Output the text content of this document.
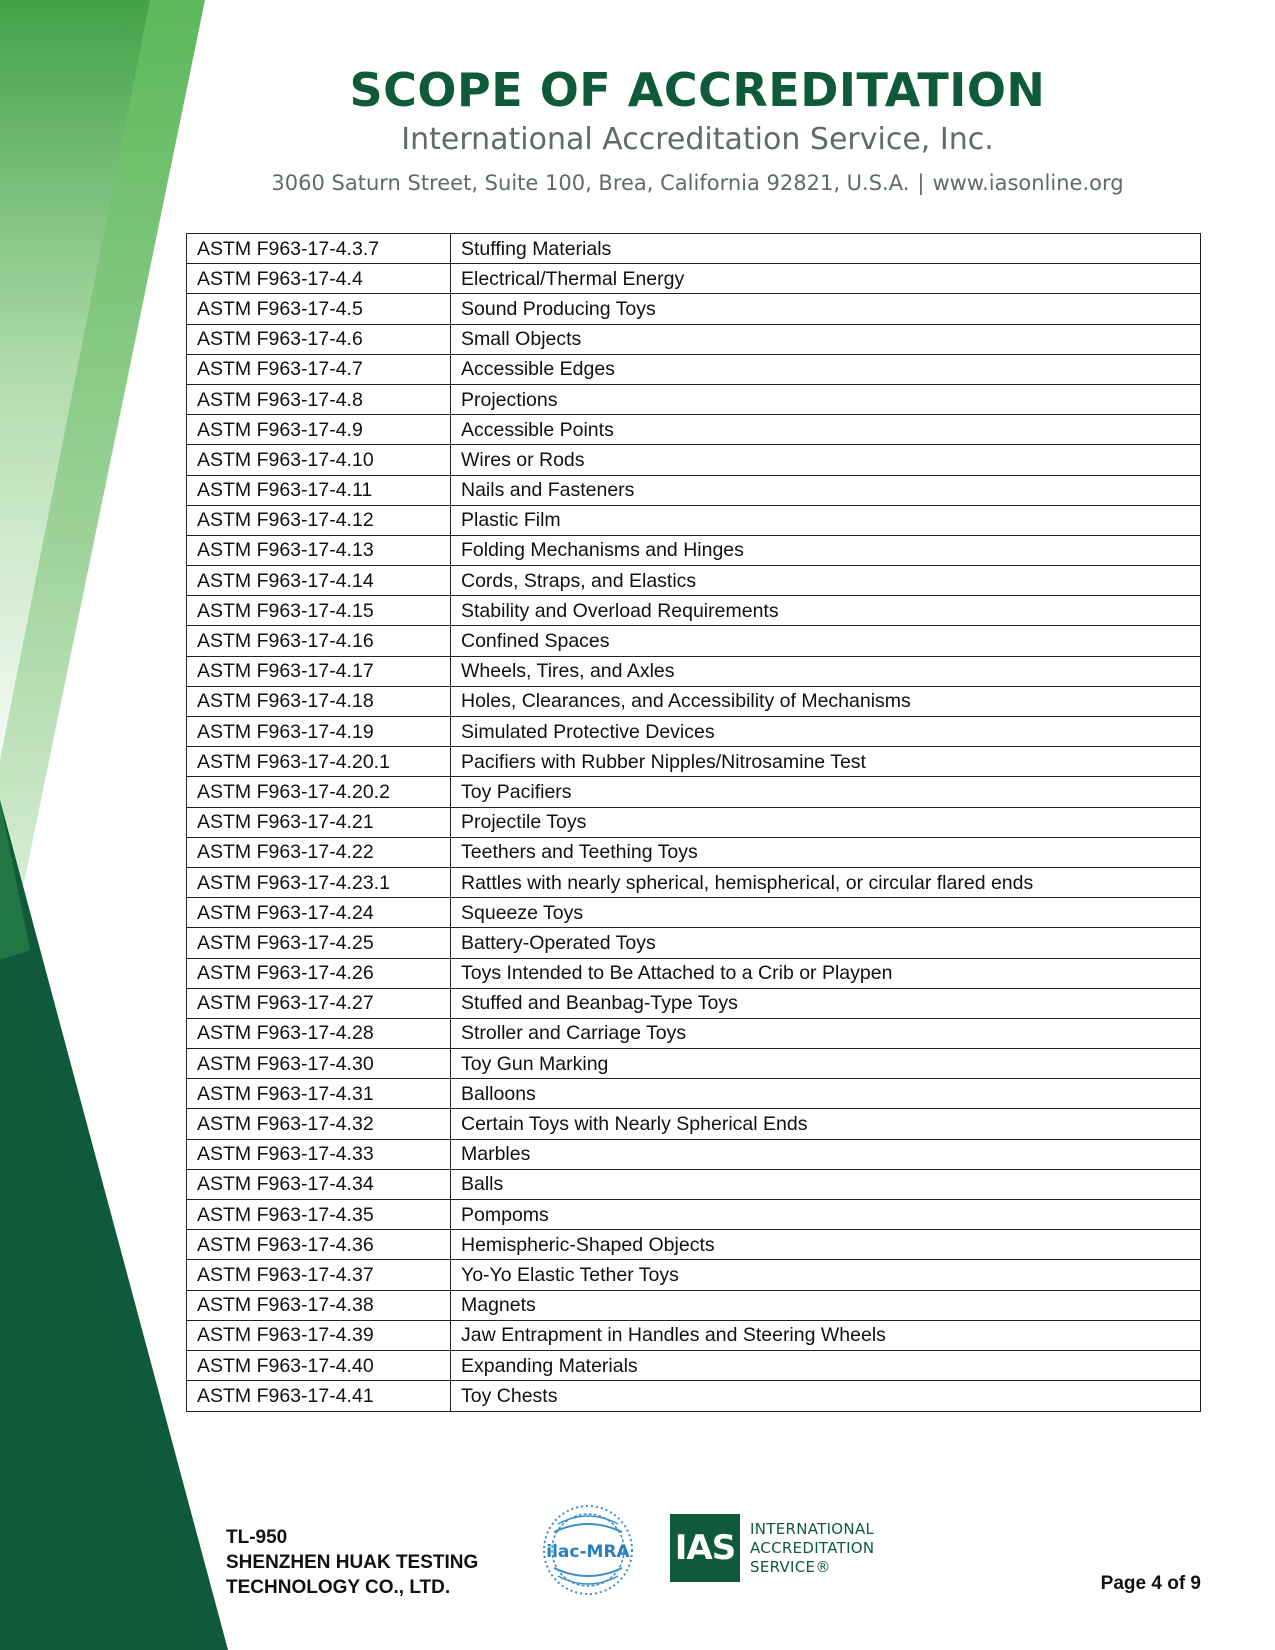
SCOPE OF ACCREDITATION
International Accreditation Service, Inc.
3060 Saturn Street, Suite 100, Brea, California 92821, U.S.A. | www.iasonline.org
ASTM F963-17-4.3.7	Stuffing Materials
ASTM F963-17-4.4	Electrical/Thermal Energy
ASTM F963-17-4.5	Sound Producing Toys
ASTM F963-17-4.6	Small Objects
ASTM F963-17-4.7	Accessible Edges
ASTM F963-17-4.8	Projections
ASTM F963-17-4.9	Accessible Points
ASTM F963-17-4.10	Wires or Rods
ASTM F963-17-4.11	Nails and Fasteners
ASTM F963-17-4.12	Plastic Film
ASTM F963-17-4.13	Folding Mechanisms and Hinges
ASTM F963-17-4.14	Cords, Straps, and Elastics
ASTM F963-17-4.15	Stability and Overload Requirements
ASTM F963-17-4.16	Confined Spaces
ASTM F963-17-4.17	Wheels, Tires, and Axles
ASTM F963-17-4.18	Holes, Clearances, and Accessibility of Mechanisms
ASTM F963-17-4.19	Simulated Protective Devices
ASTM F963-17-4.20.1	Pacifiers with Rubber Nipples/Nitrosamine Test
ASTM F963-17-4.20.2	Toy Pacifiers
ASTM F963-17-4.21	Projectile Toys
ASTM F963-17-4.22	Teethers and Teething Toys
ASTM F963-17-4.23.1	Rattles with nearly spherical, hemispherical, or circular flared ends
ASTM F963-17-4.24	Squeeze Toys
ASTM F963-17-4.25	Battery-Operated Toys
ASTM F963-17-4.26	Toys Intended to Be Attached to a Crib or Playpen
ASTM F963-17-4.27	Stuffed and Beanbag-Type Toys
ASTM F963-17-4.28	Stroller and Carriage Toys
ASTM F963-17-4.30	Toy Gun Marking
ASTM F963-17-4.31	Balloons
ASTM F963-17-4.32	Certain Toys with Nearly Spherical Ends
ASTM F963-17-4.33	Marbles
ASTM F963-17-4.34	Balls
ASTM F963-17-4.35	Pompoms
ASTM F963-17-4.36	Hemispheric-Shaped Objects
ASTM F963-17-4.37	Yo-Yo Elastic Tether Toys
ASTM F963-17-4.38	Magnets
ASTM F963-17-4.39	Jaw Entrapment in Handles and Steering Wheels
ASTM F963-17-4.40	Expanding Materials
ASTM F963-17-4.41	Toy Chests
TL-950
SHENZHEN HUAK TESTING
TECHNOLOGY CO., LTD.
ilac-MRA IAS INTERNATIONAL
ACCREDITATION
SERVICE®
Page 4 of 9
